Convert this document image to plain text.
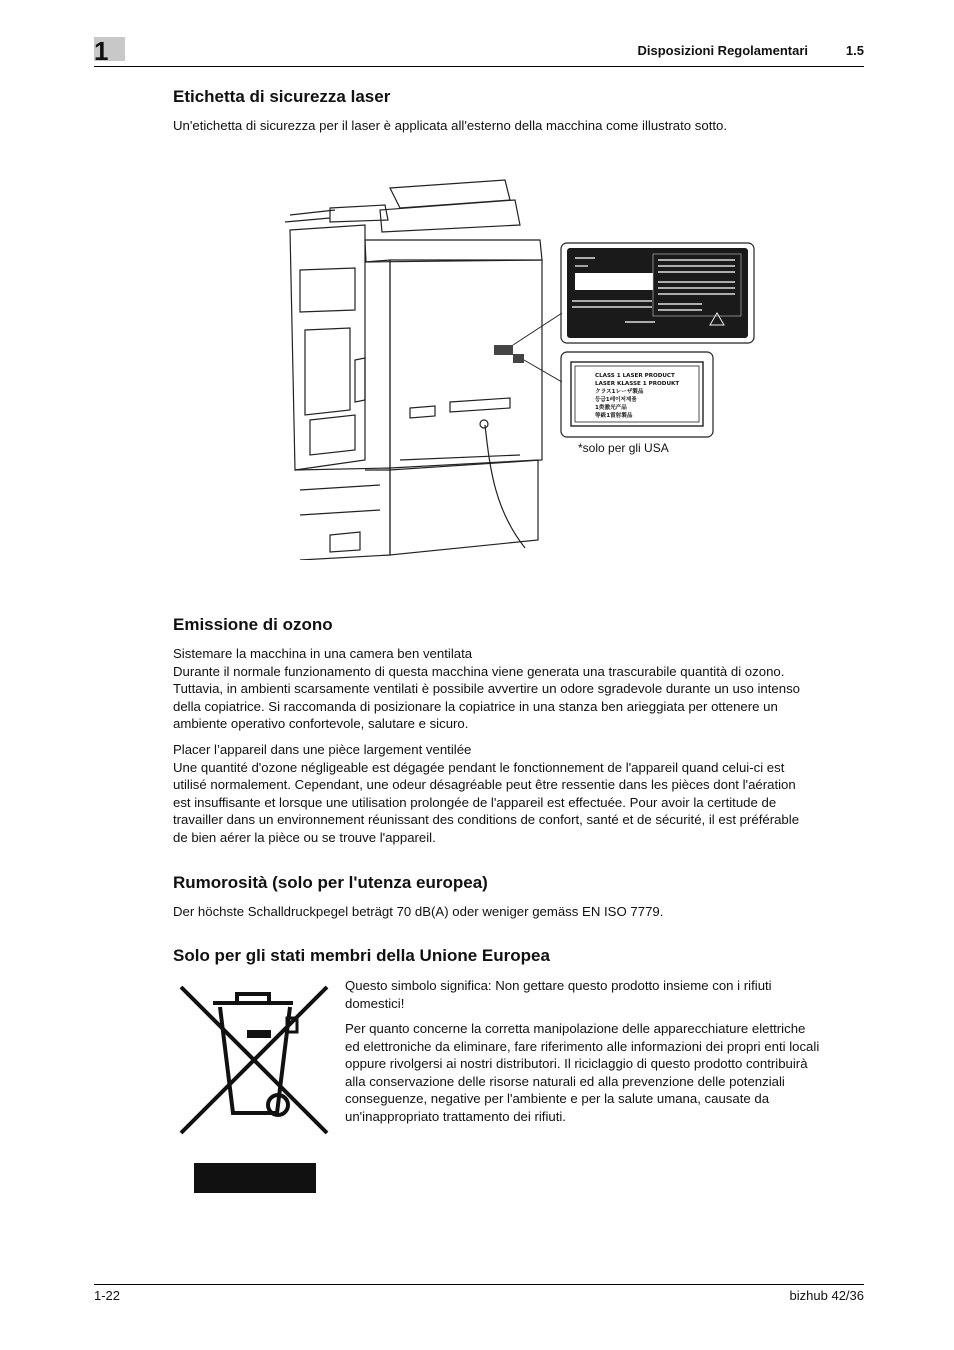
1	Disposizioni Regolamentari	1.5
Etichetta di sicurezza laser
Un'etichetta di sicurezza per il laser è applicata all'esterno della macchina come illustrato sotto.
CLASS 1 LASER PRODUCT
LASER KLASSE 1 PRODUKT
クラス1レーザ製品
등급1레이저제품
1类激光产品
等級1雷射製品
*solo per gli USA
Emissione di ozono

Sistemare la macchina in una camera ben ventilata

Durante il normale funzionamento di questa macchina viene generata una trascurabile quantità di ozono.

Tuttavia, in ambienti scarsamente ventilati è possibile avvertire un odore sgradevole durante un uso intenso

della copiatrice. Si raccomanda di posizionare la copiatrice in una stanza ben arieggiata per ottenere un

ambiente operativo confortevole, salutare e sicuro.

Placer l’appareil dans une pièce largement ventilée

Une quantité d'ozone négligeable est dégagée pendant le fonctionnement de l'appareil quand celui-ci est

utilisé normalement. Cependant, une odeur désagréable peut être ressentie dans les pièces dont l'aération

est insuffisante et lorsque une utilisation prolongée de l'appareil est effectuée. Pour avoir la certitude de

travailler dans un environnement réunissant des conditions de confort, santé et de sécurité, il est préférable

de bien aérer la pièce ou se trouve l'appareil.

Rumorosità (solo per l'utenza europea)
Der höchste Schalldruckpegel beträgt 70 dB(A) oder weniger gemäss EN ISO 7779.
Solo per gli stati membri della Unione Europea

Questo simbolo significa: Non gettare questo prodotto insieme con i rifiuti

domestici!

Per quanto concerne la corretta manipolazione delle apparecchiature elettriche

ed elettroniche da eliminare, fare riferimento alle informazioni dei propri enti locali

oppure rivolgersi ai nostri distributori. Il riciclaggio di questo prodotto contribuirà

alla conservazione delle risorse naturali ed alla prevenzione delle potenziali

conseguenze, negative per l'ambiente e per la salute umana, causate da

un'inappropriato trattamento dei rifiuti.

1-22	bizhub 42/36
